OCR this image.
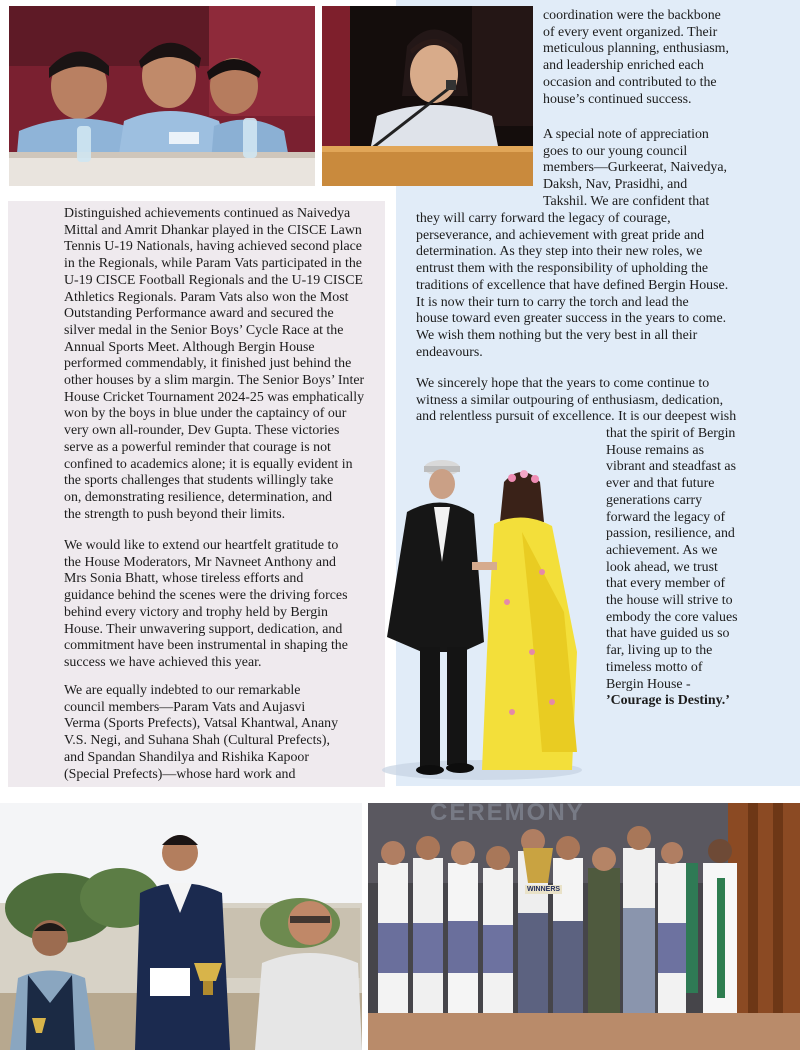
CEREMONY
WINNERS
coordination were the backbone
of every event organized. Their
meticulous planning, enthusiasm,
and leadership enriched each
occasion and contributed to the
house’s continued success.
A special note of appreciation
goes to our young council
members—Gurkeerat, Naivedya,
Daksh, Nav, Prasidhi, and
Takshil. We are confident that
they will carry forward the legacy of courage,
perseverance, and achievement with great pride and
determination. As they step into their new roles, we
entrust them with the responsibility of upholding the
traditions of excellence that have defined Bergin House.
It is now their turn to carry the torch and lead the
house toward even greater success in the years to come.
We wish them nothing but the very best in all their
endeavours.
We sincerely hope that the years to come continue to
witness a similar outpouring of enthusiasm, dedication,
and relentless pursuit of excellence. It is our deepest wish
that the spirit of Bergin
House remains as
vibrant and steadfast as
ever and that future
generations carry
forward the legacy of
passion, resilience, and
achievement. As we
look ahead, we trust
that every member of
the house will strive to
embody the core values
that have guided us so
far, living up to the
timeless motto of
Bergin House -
’Courage is Destiny.’
Distinguished achievements continued as Naivedya
Mittal and Amrit Dhankar played in the CISCE Lawn
Tennis U-19 Nationals, having achieved second place
in the Regionals, while Param Vats participated in the
U-19 CISCE Football Regionals and the U-19 CISCE
Athletics Regionals. Param Vats also won the Most
Outstanding Performance award and secured the
silver medal in the Senior Boys’ Cycle Race at the
Annual Sports Meet. Although Bergin House
performed commendably, it finished just behind the
other houses by a slim margin. The Senior Boys’ Inter
House Cricket Tournament 2024-25 was emphatically
won by the boys in blue under the captaincy of our
very own all-rounder, Dev Gupta. These victories
serve as a powerful reminder that courage is not
confined to academics alone; it is equally evident in
the sports challenges that students willingly take
on, demonstrating resilience, determination, and
the strength to push beyond their limits.
We would like to extend our heartfelt gratitude to
the House Moderators, Mr Navneet Anthony and
Mrs Sonia Bhatt, whose tireless efforts and
guidance behind the scenes were the driving forces
behind every victory and trophy held by Bergin
House. Their unwavering support, dedication, and
commitment have been instrumental in shaping the
success we have achieved this year.
We are equally indebted to our remarkable
council members—Param Vats and Aujasvi
Verma (Sports Prefects), Vatsal Khantwal, Anany
V.S. Negi, and Suhana Shah (Cultural Prefects),
and Spandan Shandilya and Rishika Kapoor
(Special Prefects)—whose hard work and
